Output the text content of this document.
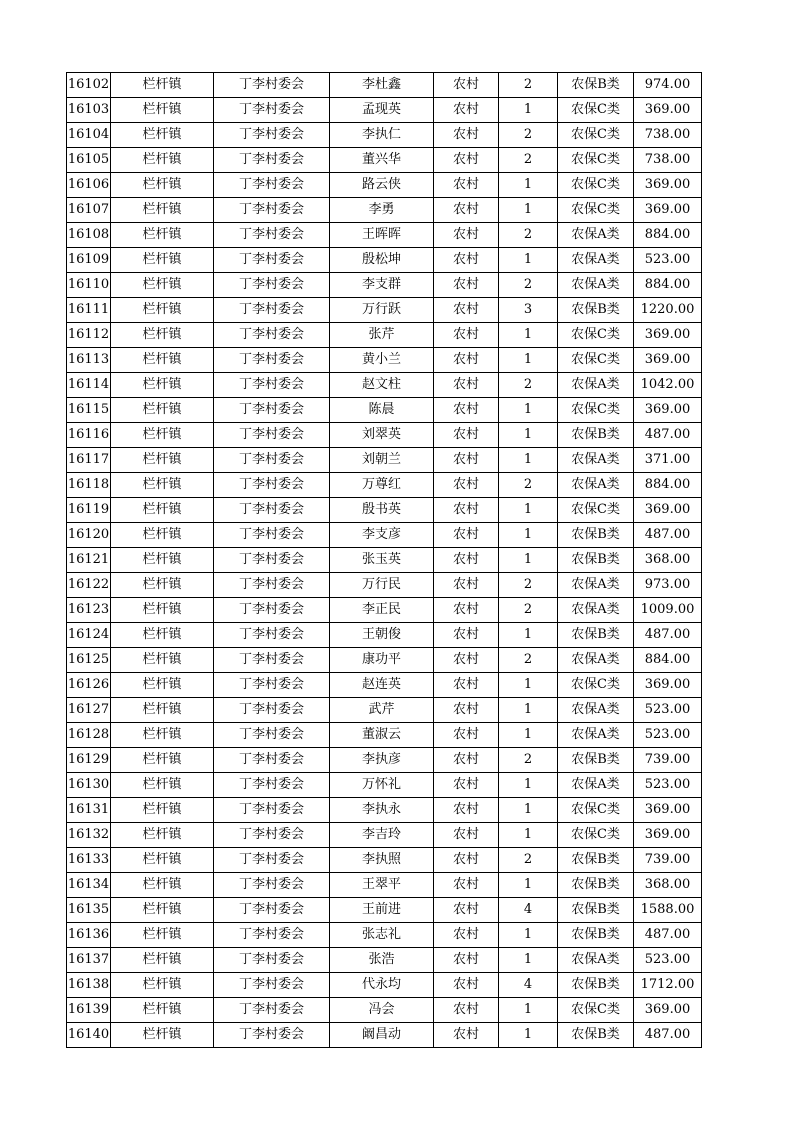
16102	栏杆镇	丁李村委会	李杜鑫	农村	2	农保B类	974.00
16103	栏杆镇	丁李村委会	孟现英	农村	1	农保C类	369.00
16104	栏杆镇	丁李村委会	李执仁	农村	2	农保C类	738.00
16105	栏杆镇	丁李村委会	董兴华	农村	2	农保C类	738.00
16106	栏杆镇	丁李村委会	路云侠	农村	1	农保C类	369.00
16107	栏杆镇	丁李村委会	李勇	农村	1	农保C类	369.00
16108	栏杆镇	丁李村委会	王晖晖	农村	2	农保A类	884.00
16109	栏杆镇	丁李村委会	殷松坤	农村	1	农保A类	523.00
16110	栏杆镇	丁李村委会	李支群	农村	2	农保A类	884.00
16111	栏杆镇	丁李村委会	万行跃	农村	3	农保B类	1220.00
16112	栏杆镇	丁李村委会	张芹	农村	1	农保C类	369.00
16113	栏杆镇	丁李村委会	黄小兰	农村	1	农保C类	369.00
16114	栏杆镇	丁李村委会	赵文柱	农村	2	农保A类	1042.00
16115	栏杆镇	丁李村委会	陈晨	农村	1	农保C类	369.00
16116	栏杆镇	丁李村委会	刘翠英	农村	1	农保B类	487.00
16117	栏杆镇	丁李村委会	刘朝兰	农村	1	农保A类	371.00
16118	栏杆镇	丁李村委会	万尊红	农村	2	农保A类	884.00
16119	栏杆镇	丁李村委会	殷书英	农村	1	农保C类	369.00
16120	栏杆镇	丁李村委会	李支彦	农村	1	农保B类	487.00
16121	栏杆镇	丁李村委会	张玉英	农村	1	农保B类	368.00
16122	栏杆镇	丁李村委会	万行民	农村	2	农保A类	973.00
16123	栏杆镇	丁李村委会	李正民	农村	2	农保A类	1009.00
16124	栏杆镇	丁李村委会	王朝俊	农村	1	农保B类	487.00
16125	栏杆镇	丁李村委会	康功平	农村	2	农保A类	884.00
16126	栏杆镇	丁李村委会	赵连英	农村	1	农保C类	369.00
16127	栏杆镇	丁李村委会	武芹	农村	1	农保A类	523.00
16128	栏杆镇	丁李村委会	董淑云	农村	1	农保A类	523.00
16129	栏杆镇	丁李村委会	李执彦	农村	2	农保B类	739.00
16130	栏杆镇	丁李村委会	万怀礼	农村	1	农保A类	523.00
16131	栏杆镇	丁李村委会	李执永	农村	1	农保C类	369.00
16132	栏杆镇	丁李村委会	李吉玲	农村	1	农保C类	369.00
16133	栏杆镇	丁李村委会	李执照	农村	2	农保B类	739.00
16134	栏杆镇	丁李村委会	王翠平	农村	1	农保B类	368.00
16135	栏杆镇	丁李村委会	王前进	农村	4	农保B类	1588.00
16136	栏杆镇	丁李村委会	张志礼	农村	1	农保B类	487.00
16137	栏杆镇	丁李村委会	张浩	农村	1	农保A类	523.00
16138	栏杆镇	丁李村委会	代永均	农村	4	农保B类	1712.00
16139	栏杆镇	丁李村委会	冯会	农村	1	农保C类	369.00
16140	栏杆镇	丁李村委会	阚昌动	农村	1	农保B类	487.00
